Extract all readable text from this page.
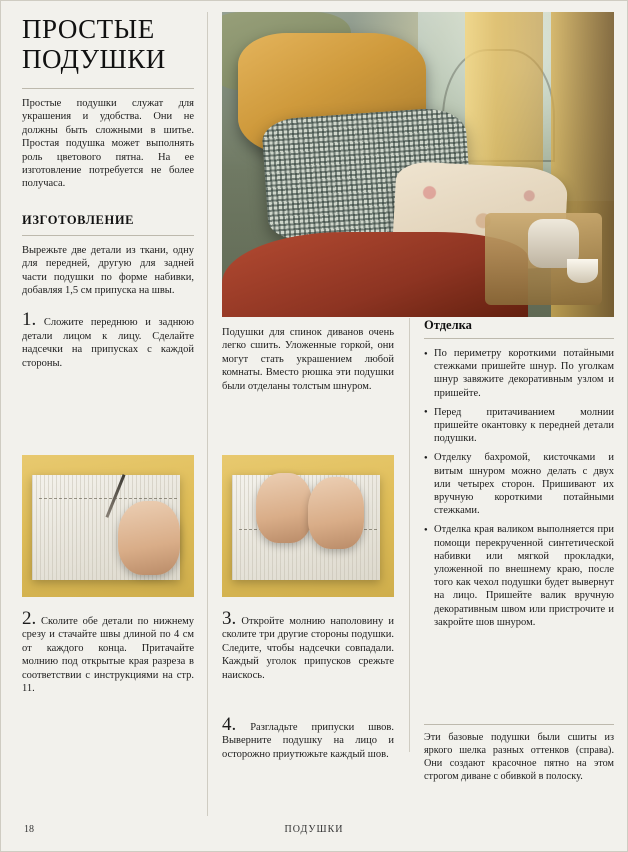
ПРОСТЫЕ
ПОДУШКИ

Простые подушки служат для украшения и удобства. Они не должны быть сложными в шитье. Простая подушка может выполнять роль цветового пятна. На ее изготовление потребуется не более получаса.

ИЗГОТОВЛЕНИЕ

Вырежьте две детали из ткани, одну для передней, другую для задней части подушки по форме набивки, добавляя 1,5 см припуска на швы.

1. Сложите переднюю и заднюю детали лицом к лицу. Сделайте надсечки на припусках с каждой стороны.

Подушки для спинок диванов очень легко сшить. Уложенные горкой, они могут стать украшением любой комнаты. Вместо рюшка эти подушки были отделаны толстым шнуром.

Отделка
● По периметру короткими потайными стежками пришейте шнур. По уголкам шнур завяжите декоративным узлом и пришейте.
● Перед притачиванием молнии пришейте окантовку к передней детали подушки.
● Отделку бахромой, кисточками и витым шнуром можно делать с двух или четырех сторон. Пришивают их вручную короткими потайными стежками.
● Отделка края валиком выполняется при помощи перекрученной синтетической набивки или мягкой прокладки, уложенной по внешнему краю, после того как чехол подушки будет вывернут на лицо. Пришейте валик вручную декоративным швом или пристрочите и закройте шов шнуром.
2. Сколите обе детали по нижнему срезу и стачайте швы длиной по 4 см от каждого конца. Притачайте молнию под открытые края разреза в соответствии с инструкциями на стр. 11.
3. Откройте молнию наполовину и сколите три другие стороны подушки. Следите, чтобы надсечки совпадали. Каждый уголок припусков срежьте наискось.
4. Разгладьте припуски швов. Выверните подушку на лицо и осторожно приутюжьте каждый шов.

Эти базовые подушки были сшиты из яркого шелка разных оттенков (справа). Они создают красочное пятно на этом строгом диване с обивкой в полоску.

18	ПОДУШКИ
